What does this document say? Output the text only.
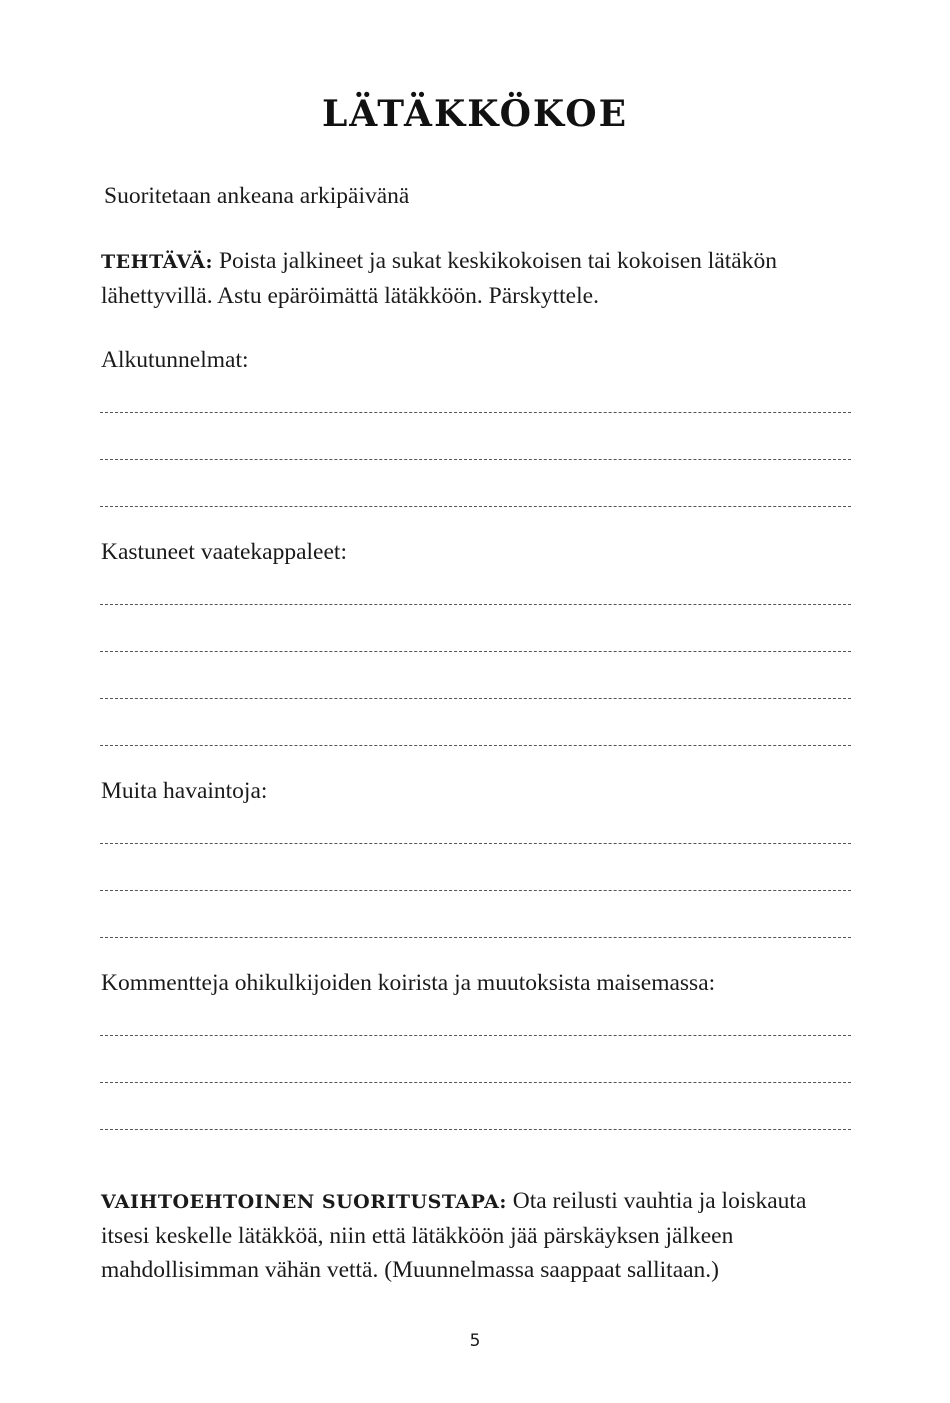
LÄTÄKKÖKOE
Suoritetaan ankeana arkipäivänä
TEHTÄVÄ: Poista jalkineet ja sukat keskikokoisen tai kokoisen lätäkön
lähettyvillä. Astu epäröimättä lätäkköön. Pärskyttele.
Alkutunnelmat:
Kastuneet vaatekappaleet:
Muita havaintoja:
Kommentteja ohikulkijoiden koirista ja muutoksista maisemassa:
VAIHTOEHTOINEN SUORITUSTAPA: Ota reilusti vauhtia ja loiskauta
itsesi keskelle lätäkköä, niin että lätäkköön jää pärskäyksen jälkeen
mahdollisimman vähän vettä. (Muunnelmassa saappaat sallitaan.)
5
